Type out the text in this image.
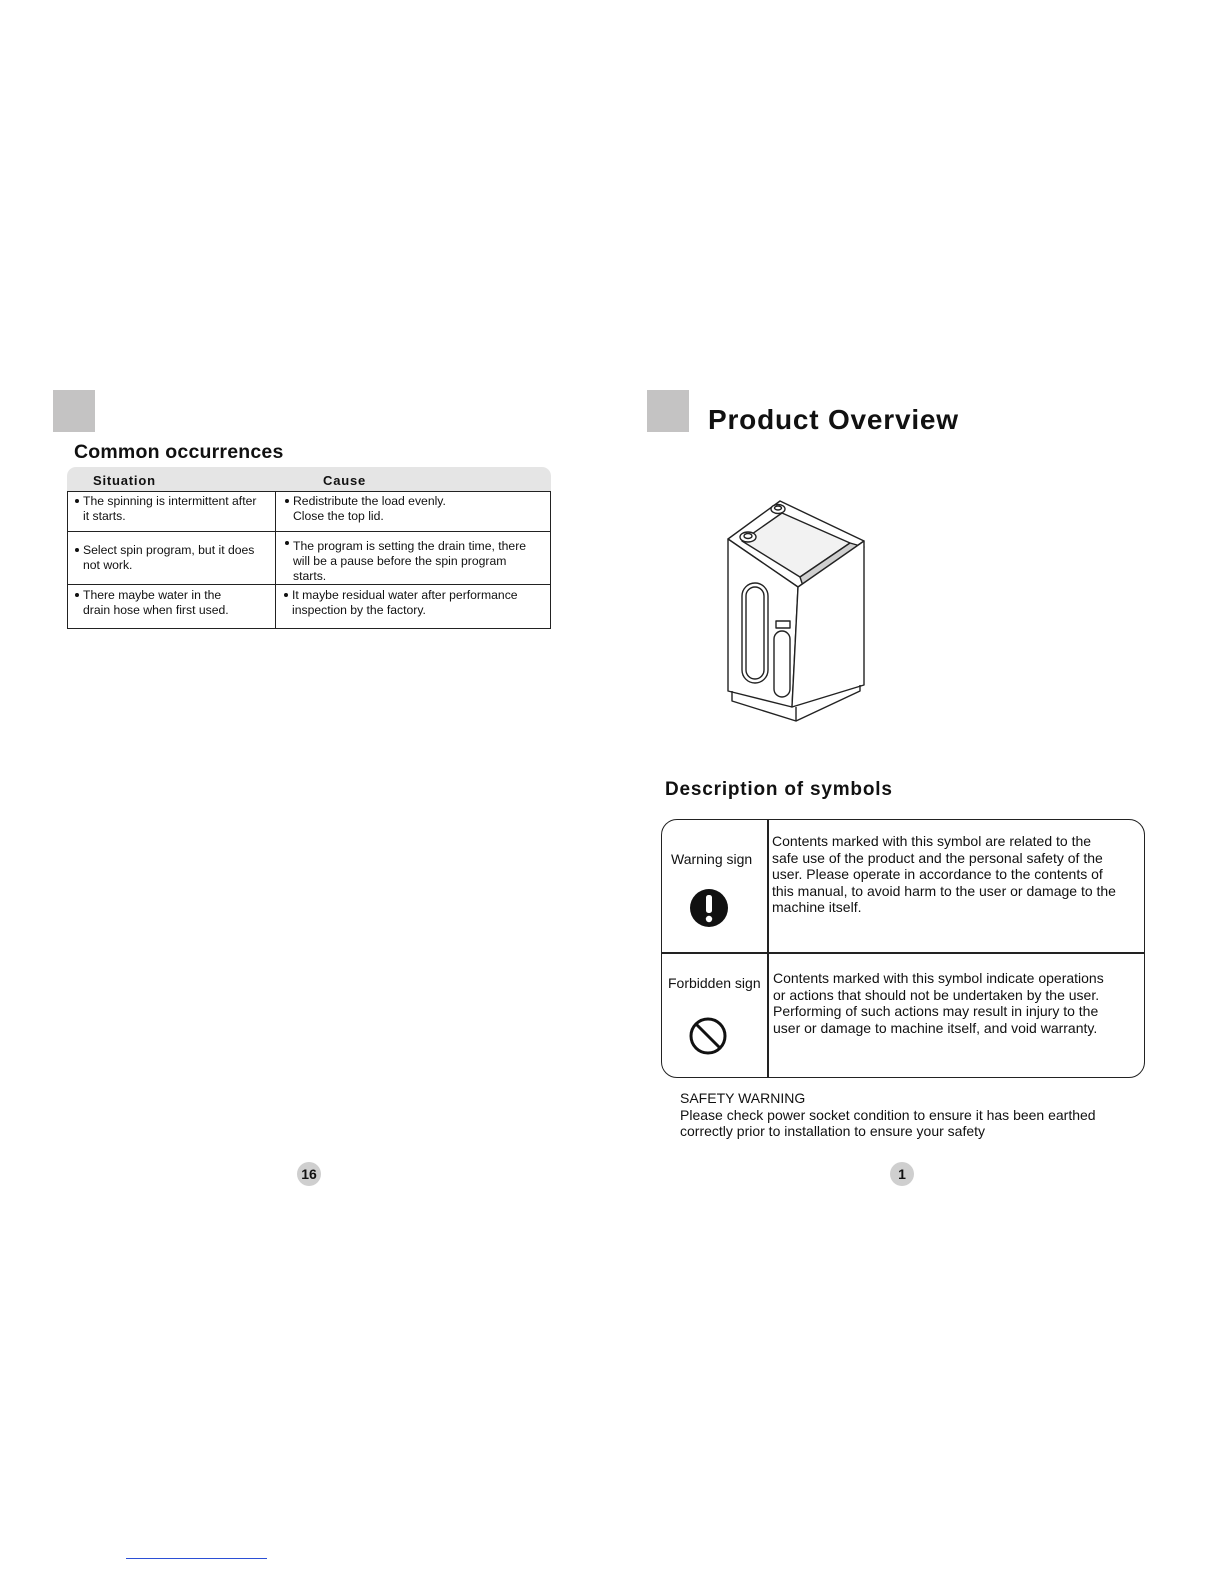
Common occurrences
Situation	Cause
The spinning is intermittent after
it starts.
Redistribute the load evenly.
Close the top lid.
Select spin program, but it does
not work.
The program is setting the drain time, there
will be a pause before the spin program
starts.
There maybe water in the
drain hose when first used.
It maybe residual water after performance
inspection by the factory.
16
Product Overview
Description of symbols
Warning sign
Contents marked with this symbol are related to the
safe use of the product and the personal safety of the
user. Please operate in accordance to the contents of
this manual, to avoid harm to the user or damage to the
machine itself.
Forbidden sign Contents marked with this symbol indicate operations
or actions that should not be undertaken by the user.
Performing of such actions may result in injury to the
user or damage to machine itself, and void warranty.
SAFETY WARNING
Please check power socket condition to ensure it has been earthed
correctly prior to installation to ensure your safety
1
